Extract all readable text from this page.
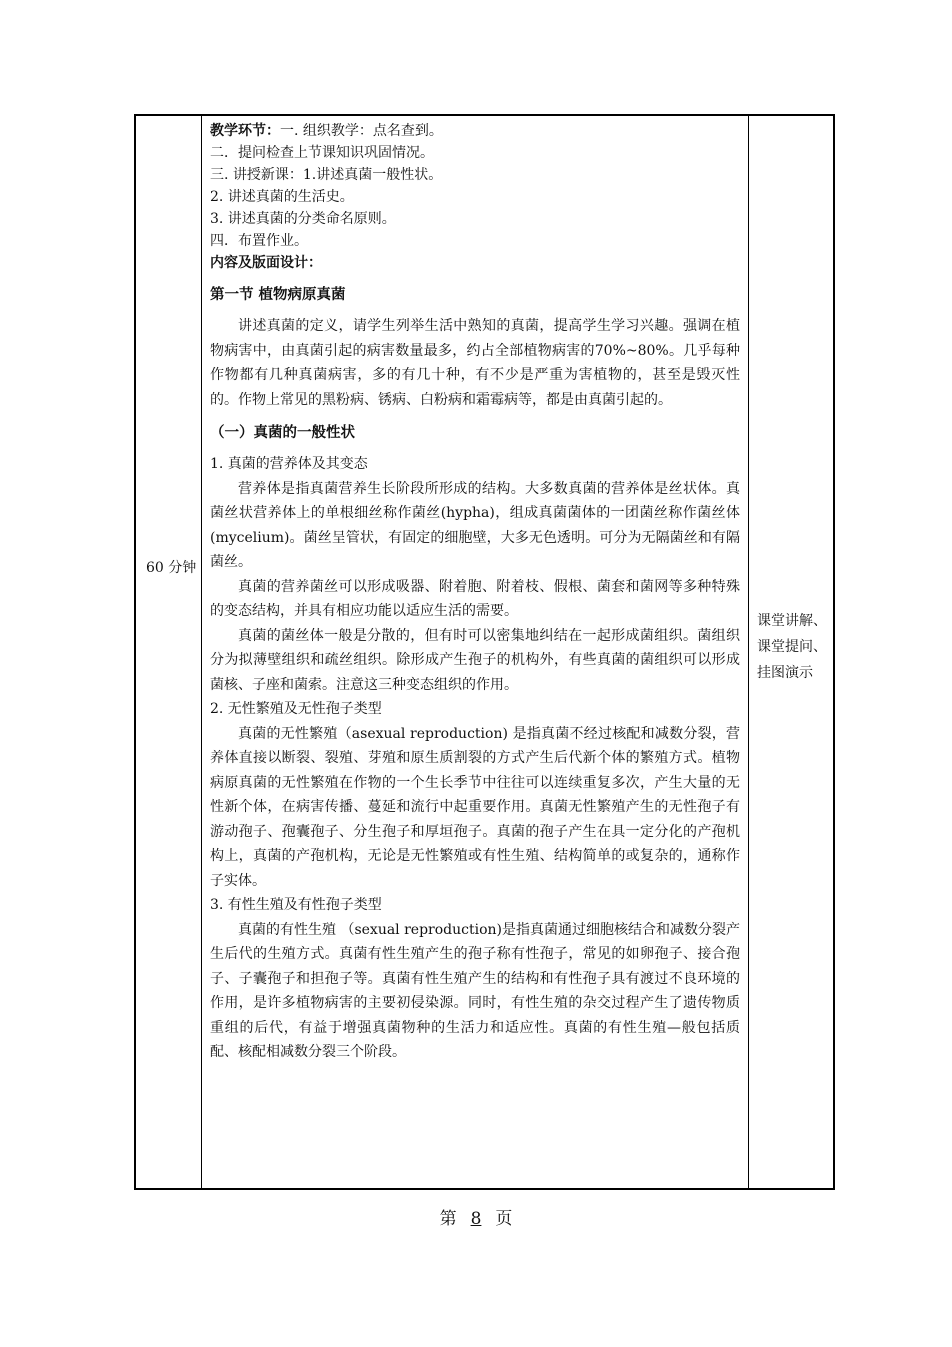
60 分钟
教学环节：一. 组织教学：点名查到。
二．提问检查上节课知识巩固情况。
三. 讲授新课：1.讲述真菌一般性状。
2. 讲述真菌的生活史。
3. 讲述真菌的分类命名原则。
四．布置作业。
内容及版面设计：
第一节 植物病原真菌

讲述真菌的定义，请学生列举生活中熟知的真菌，提高学生学习兴趣。强调在植物病害中，由真菌引起的病害数量最多，约占全部植物病害的70%~80%。几乎每种作物都有几种真菌病害，多的有几十种，有不少是严重为害植物的，甚至是毁灭性的。作物上常见的黑粉病、锈病、白粉病和霜霉病等，都是由真菌引起的。

（一）真菌的一般性状

1. 真菌的营养体及其变态

营养体是指真菌营养生长阶段所形成的结构。大多数真菌的营养体是丝状体。真菌丝状营养体上的单根细丝称作菌丝(hypha)，组成真菌菌体的一团菌丝称作菌丝体(mycelium)。菌丝呈管状，有固定的细胞壁，大多无色透明。可分为无隔菌丝和有隔菌丝。

真菌的营养菌丝可以形成吸器、附着胞、附着枝、假根、菌套和菌网等多种特殊的变态结构，并具有相应功能以适应生活的需要。

真菌的菌丝体一般是分散的，但有时可以密集地纠结在一起形成菌组织。菌组织分为拟薄壁组织和疏丝组织。除形成产生孢子的机构外，有些真菌的菌组织可以形成菌核、子座和菌索。注意这三种变态组织的作用。

2. 无性繁殖及无性孢子类型

真菌的无性繁殖（asexual reproduction) 是指真菌不经过核配和减数分裂，营养体直接以断裂、裂殖、芽殖和原生质割裂的方式产生后代新个体的繁殖方式。植物病原真菌的无性繁殖在作物的一个生长季节中往往可以连续重复多次，产生大量的无性新个体，在病害传播、蔓延和流行中起重要作用。真菌无性繁殖产生的无性孢子有游动孢子、孢囊孢子、分生孢子和厚垣孢子。真菌的孢子产生在具一定分化的产孢机构上，真菌的产孢机构，无论是无性繁殖或有性生殖、结构简单的或复杂的，通称作子实体。

3. 有性生殖及有性孢子类型

真菌的有性生殖 （sexual reproduction)是指真菌通过细胞核结合和减数分裂产生后代的生殖方式。真菌有性生殖产生的孢子称有性孢子，常见的如卵孢子、接合孢子、子囊孢子和担孢子等。真菌有性生殖产生的结构和有性孢子具有渡过不良环境的作用，是许多植物病害的主要初侵染源。同时，有性生殖的杂交过程产生了遗传物质重组的后代，有益于增强真菌物种的生活力和适应性。真菌的有性生殖—般包括质配、核配相减数分裂三个阶段。

课堂讲解、课堂提问、挂图演示
第 8 页
